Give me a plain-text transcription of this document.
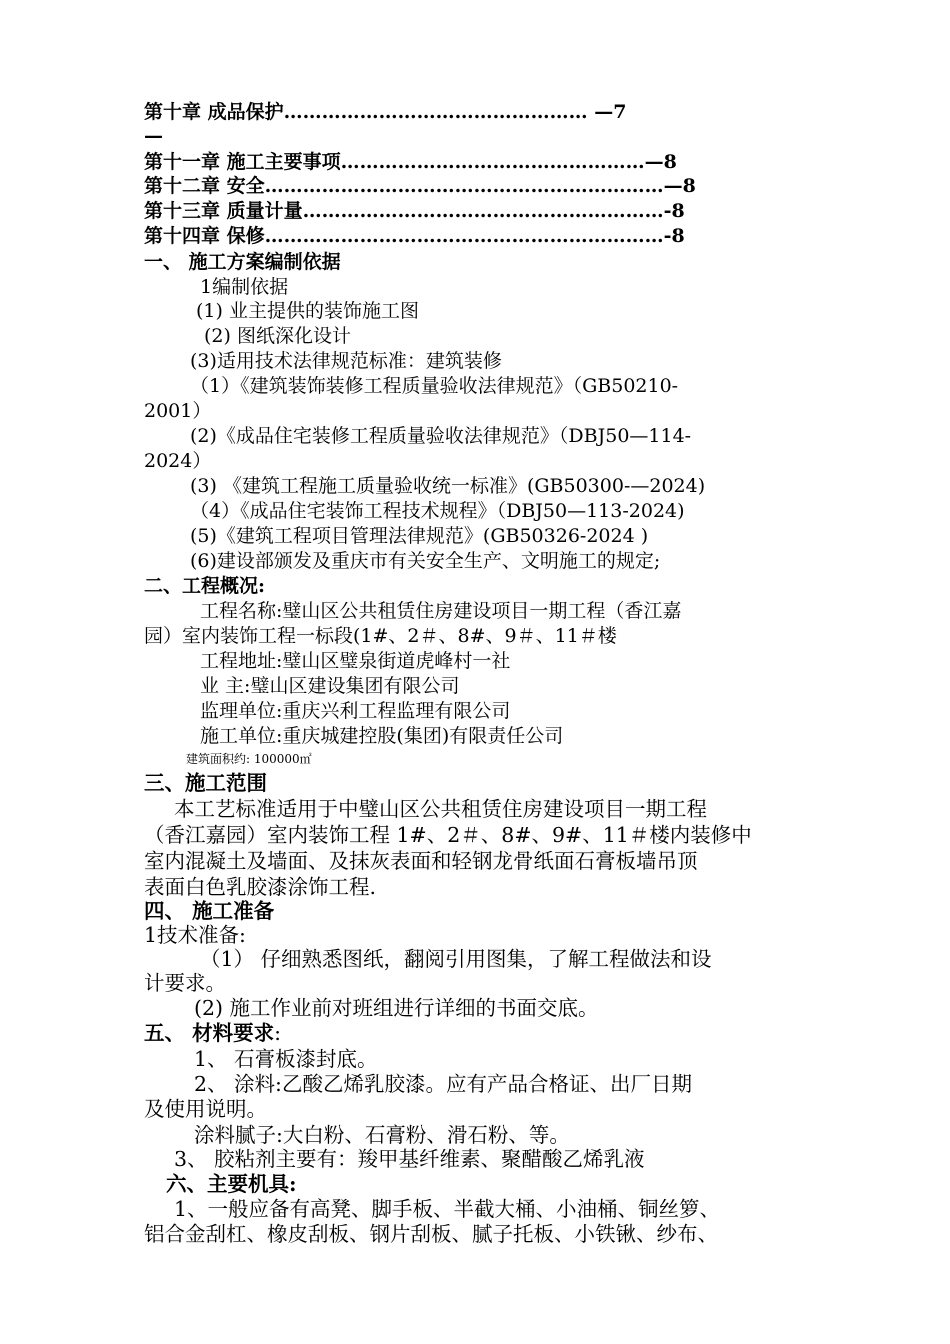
第十章 成品保护………………………………………… —7
—
第十一章 施工主要事项…………………………………………—8
第十二章 安全………………………………………………………—8
第十三章 质量计量…………………………………………………-8
第十四章 保修………………………………………………………-8
一、 施工方案编制依据
1编制依据
(1) 业主提供的装饰施工图
(2) 图纸深化设计
(3)适用技术法律规范标准：建筑装修
（1）《建筑装饰装修工程质量验收法律规范》（GB50210-
2001）
(2)《成品住宅装修工程质量验收法律规范》（DBJ50—114-
2024）
(3) 《建筑工程施工质量验收统一标准》(GB50300-—2024)
（4）《成品住宅装饰工程技术规程》（DBJ50—113-2024)
(5)《建筑工程项目管理法律规范》(GB50326-2024 )
(6)建设部颁发及重庆市有关安全生产、文明施工的规定;
二、工程概况:
工程名称:璧山区公共租赁住房建设项目一期工程（香江嘉
园）室内装饰工程一标段(1#、2＃、8#、9＃、11＃楼
工程地址:璧山区璧泉街道虎峰村一社
业 主:璧山区建设集团有限公司
监理单位:重庆兴利工程监理有限公司
施工单位:重庆城建控股(集团)有限责任公司
建筑面积约: 100000㎡
三、施工范围
本工艺标准适用于中璧山区公共租赁住房建设项目一期工程
（香江嘉园）室内装饰工程 1#、2＃、8#、9#、11＃楼内装修中
室内混凝土及墙面、及抹灰表面和轻钢龙骨纸面石膏板墙吊顶
表面白色乳胶漆涂饰工程.
四、 施工准备
1技术准备:
（1） 仔细熟悉图纸，翻阅引用图集，了解工程做法和设
计要求。
(2) 施工作业前对班组进行详细的书面交底。
五、 材料要求:
1、 石膏板漆封底。
2、 涂料:乙酸乙烯乳胶漆。应有产品合格证、出厂日期
及使用说明。
涂料腻子:大白粉、石膏粉、滑石粉、等。
3、 胶粘剂主要有：羧甲基纤维素、聚醋酸乙烯乳液
六、主要机具:
1、一般应备有高凳、脚手板、半截大桶、小油桶、铜丝箩、
铝合金刮杠、橡皮刮板、钢片刮板、腻子托板、小铁锹、纱布、
